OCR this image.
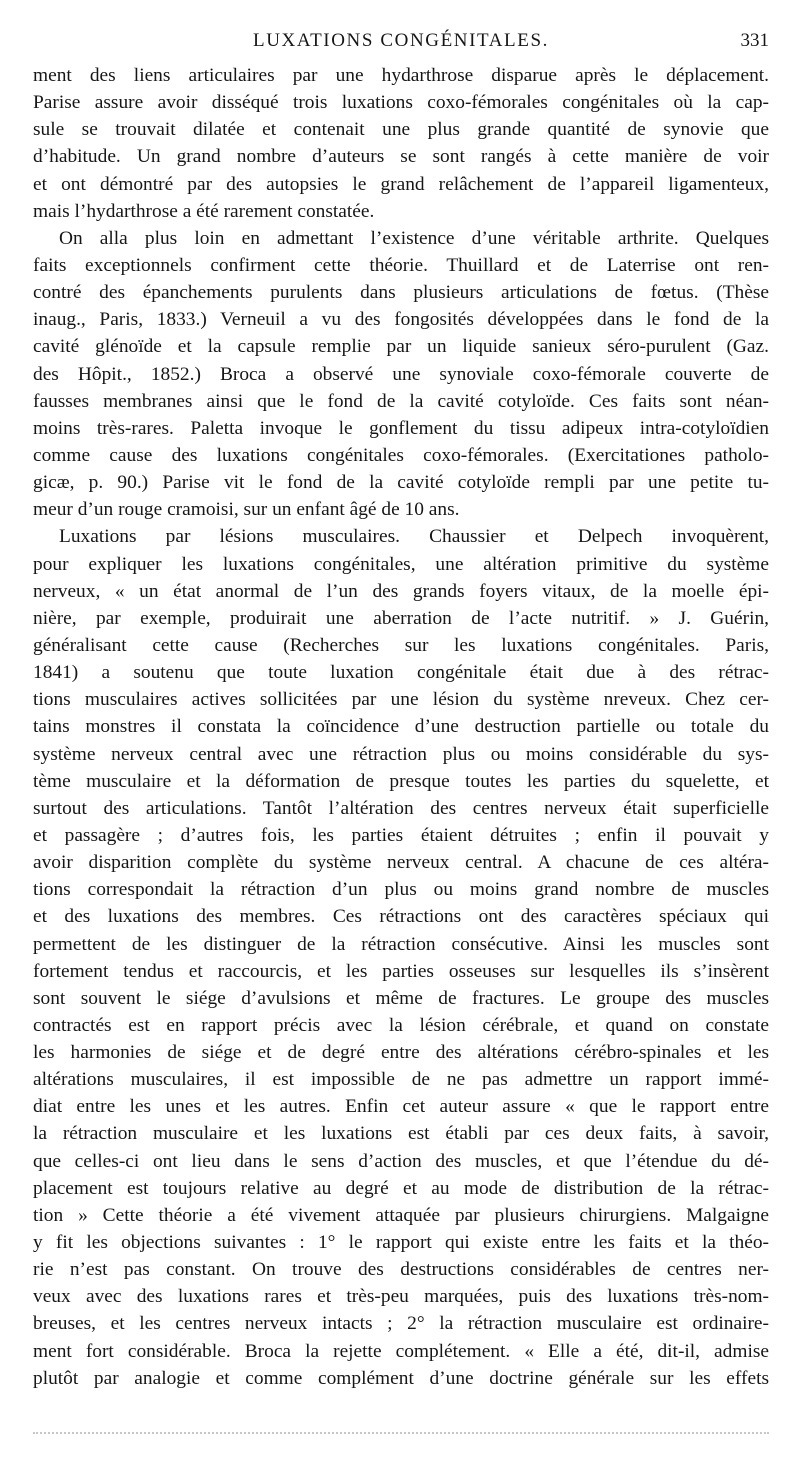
LUXATIONS CONGÉNITALES.	331
ment des liens articulaires par une hydarthrose disparue après le déplacement.
Parise assure avoir disséqué trois luxations coxo-fémorales congénitales où la cap-
sule se trouvait dilatée et contenait une plus grande quantité de synovie que
d’habitude. Un grand nombre d’auteurs se sont rangés à cette manière de voir
et ont démontré par des autopsies le grand relâchement de l’appareil ligamenteux,
mais l’hydarthrose a été rarement constatée.
On alla plus loin en admettant l’existence d’une véritable arthrite. Quelques
faits exceptionnels confirment cette théorie. Thuillard et de Laterrise ont ren-
contré des épanchements purulents dans plusieurs articulations de fœtus. (Thèse
inaug., Paris, 1833.) Verneuil a vu des fongosités développées dans le fond de la
cavité glénoïde et la capsule remplie par un liquide sanieux séro-purulent (Gaz.
des Hôpit., 1852.) Broca a observé une synoviale coxo-fémorale couverte de
fausses membranes ainsi que le fond de la cavité cotyloïde. Ces faits sont néan-
moins très-rares. Paletta invoque le gonflement du tissu adipeux intra-cotyloïdien
comme cause des luxations congénitales coxo-fémorales. (Exercitationes patholo-
gicæ, p. 90.) Parise vit le fond de la cavité cotyloïde rempli par une petite tu-
meur d’un rouge cramoisi, sur un enfant âgé de 10 ans.
Luxations par lésions musculaires. Chaussier et Delpech invoquèrent,
pour expliquer les luxations congénitales, une altération primitive du système
nerveux, « un état anormal de l’un des grands foyers vitaux, de la moelle épi-
nière, par exemple, produirait une aberration de l’acte nutritif. » J. Guérin,
généralisant cette cause (Recherches sur les luxations congénitales. Paris,
1841) a soutenu que toute luxation congénitale était due à des rétrac-
tions musculaires actives sollicitées par une lésion du système nreveux. Chez cer-
tains monstres il constata la coïncidence d’une destruction partielle ou totale du
système nerveux central avec une rétraction plus ou moins considérable du sys-
tème musculaire et la déformation de presque toutes les parties du squelette, et
surtout des articulations. Tantôt l’altération des centres nerveux était superficielle
et passagère ; d’autres fois, les parties étaient détruites ; enfin il pouvait y
avoir disparition complète du système nerveux central. A chacune de ces altéra-
tions correspondait la rétraction d’un plus ou moins grand nombre de muscles
et des luxations des membres. Ces rétractions ont des caractères spéciaux qui
permettent de les distinguer de la rétraction consécutive. Ainsi les muscles sont
fortement tendus et raccourcis, et les parties osseuses sur lesquelles ils s’insèrent
sont souvent le siége d’avulsions et même de fractures. Le groupe des muscles
contractés est en rapport précis avec la lésion cérébrale, et quand on constate
les harmonies de siége et de degré entre des altérations cérébro-spinales et les
altérations musculaires, il est impossible de ne pas admettre un rapport immé-
diat entre les unes et les autres. Enfin cet auteur assure « que le rapport entre
la rétraction musculaire et les luxations est établi par ces deux faits, à savoir,
que celles-ci ont lieu dans le sens d’action des muscles, et que l’étendue du dé-
placement est toujours relative au degré et au mode de distribution de la rétrac-
tion » Cette théorie a été vivement attaquée par plusieurs chirurgiens. Malgaigne
y fit les objections suivantes : 1° le rapport qui existe entre les faits et la théo-
rie n’est pas constant. On trouve des destructions considérables de centres ner-
veux avec des luxations rares et très-peu marquées, puis des luxations très-nom-
breuses, et les centres nerveux intacts ; 2° la rétraction musculaire est ordinaire-
ment fort considérable. Broca la rejette complétement. « Elle a été, dit-il, admise
plutôt par analogie et comme complément d’une doctrine générale sur les effets
